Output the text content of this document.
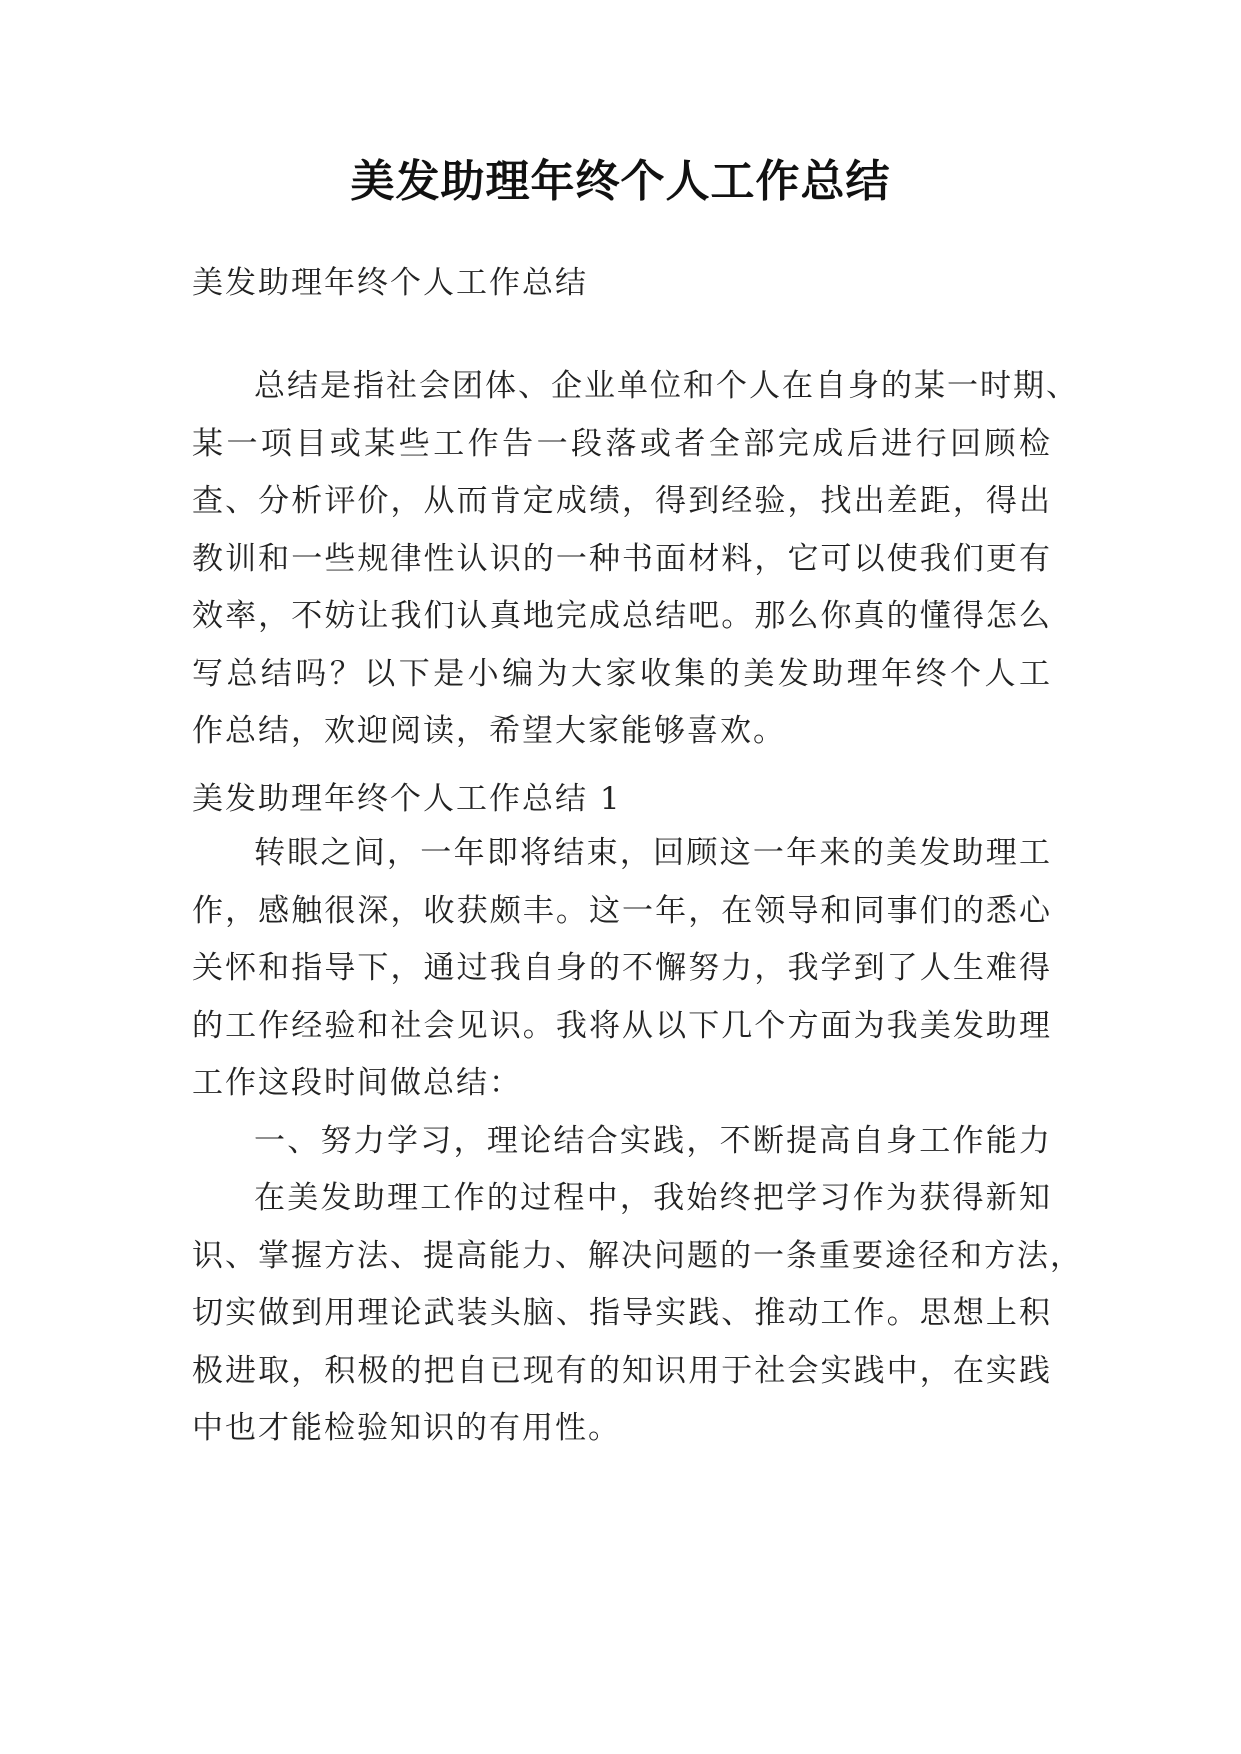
美发助理年终个人工作总结
美发助理年终个人工作总结
总结是指社会团体、企业单位和个人在自身的某一时期、
某一项目或某些工作告一段落或者全部完成后进行回顾检
查、分析评价，从而肯定成绩，得到经验，找出差距，得出
教训和一些规律性认识的一种书面材料，它可以使我们更有
效率，不妨让我们认真地完成总结吧。那么你真的懂得怎么
写总结吗？以下是小编为大家收集的美发助理年终个人工
作总结，欢迎阅读，希望大家能够喜欢。
美发助理年终个人工作总结 1
转眼之间，一年即将结束，回顾这一年来的美发助理工
作，感触很深，收获颇丰。这一年，在领导和同事们的悉心
关怀和指导下，通过我自身的不懈努力，我学到了人生难得
的工作经验和社会见识。我将从以下几个方面为我美发助理
工作这段时间做总结：
一、努力学习，理论结合实践，不断提高自身工作能力
在美发助理工作的过程中，我始终把学习作为获得新知
识、掌握方法、提高能力、解决问题的一条重要途径和方法，
切实做到用理论武装头脑、指导实践、推动工作。思想上积
极进取，积极的把自已现有的知识用于社会实践中，在实践
中也才能检验知识的有用性。
